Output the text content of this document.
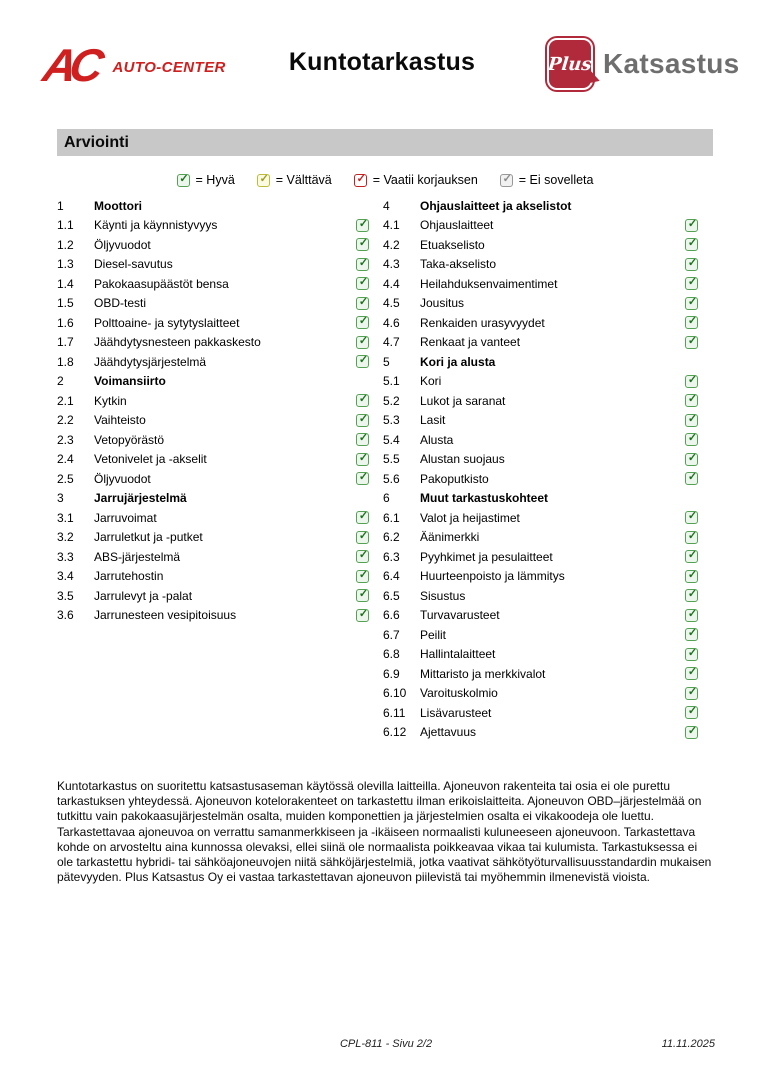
AC AUTO-CENTER	Kuntotarkastus	Plus Katsastus
Arviointi
✓ = Hyvä ✓ = Välttävä ✓ = Vaatii korjauksen ✓ = Ei sovelleta
1	Moottori
1.1	Käynti ja käynnistyvyys	✓
1.2	Öljyvuodot	✓
1.3	Diesel-savutus	✓
1.4	Pakokaasupäästöt bensa	✓
1.5	OBD-testi	✓
1.6	Polttoaine- ja sytytyslaitteet	✓
1.7	Jäähdytysnesteen pakkaskesto	✓
1.8	Jäähdytysjärjestelmä	✓
2	Voimansiirto
2.1	Kytkin	✓
2.2	Vaihteisto	✓
2.3	Vetopyörästö	✓
2.4	Vetonivelet ja -akselit	✓
2.5	Öljyvuodot	✓
3	Jarrujärjestelmä
3.1	Jarruvoimat	✓
3.2	Jarruletkut ja -putket	✓
3.3	ABS-järjestelmä	✓
3.4	Jarrutehostin	✓
3.5	Jarrulevyt ja -palat	✓
3.6	Jarrunesteen vesipitoisuus	✓
4	Ohjauslaitteet ja akselistot
4.1	Ohjauslaitteet	✓
4.2	Etuakselisto	✓
4.3	Taka-akselisto	✓
4.4	Heilahduksenvaimentimet	✓
4.5	Jousitus	✓
4.6	Renkaiden urasyvyydet	✓
4.7	Renkaat ja vanteet	✓
5	Kori ja alusta
5.1	Kori	✓
5.2	Lukot ja saranat	✓
5.3	Lasit	✓
5.4	Alusta	✓
5.5	Alustan suojaus	✓
5.6	Pakoputkisto	✓
6	Muut tarkastuskohteet
6.1	Valot ja heijastimet	✓
6.2	Äänimerkki	✓
6.3	Pyyhkimet ja pesulaitteet	✓
6.4	Huurteenpoisto ja lämmitys	✓
6.5	Sisustus	✓
6.6	Turvavarusteet	✓
6.7	Peilit	✓
6.8	Hallintalaitteet	✓
6.9	Mittaristo ja merkkivalot	✓
6.10	Varoituskolmio	✓
6.11	Lisävarusteet	✓
6.12	Ajettavuus	✓
Kuntotarkastus on suoritettu katsastusaseman käytössä olevilla laitteilla. Ajoneuvon rakenteita tai osia ei ole purettu tarkastuksen yhteydessä. Ajoneuvon kotelorakenteet on tarkastettu ilman erikoislaitteita. Ajoneuvon OBD–järjestelmää on tutkittu vain pakokaasujärjestelmän osalta, muiden komponettien ja järjestelmien osalta ei vikakoodeja ole luettu. Tarkastettavaa ajoneuvoa on verrattu samanmerkkiseen ja -ikäiseen normaalisti kuluneeseen ajoneuvoon. Tarkastettava kohde on arvosteltu aina kunnossa olevaksi, ellei siinä ole normaalista poikkeavaa vikaa tai kulumista. Tarkastuksessa ei ole tarkastettu hybridi- tai sähköajoneuvojen niitä sähköjärjestelmiä, jotka vaativat sähkötyöturvallisuusstandardin mukaisen pätevyyden. Plus Katsastus Oy ei vastaa tarkastettavan ajoneuvon piilevistä tai myöhemmin ilmenevistä vioista.
CPL-811 - Sivu 2/2	11.11.2025
